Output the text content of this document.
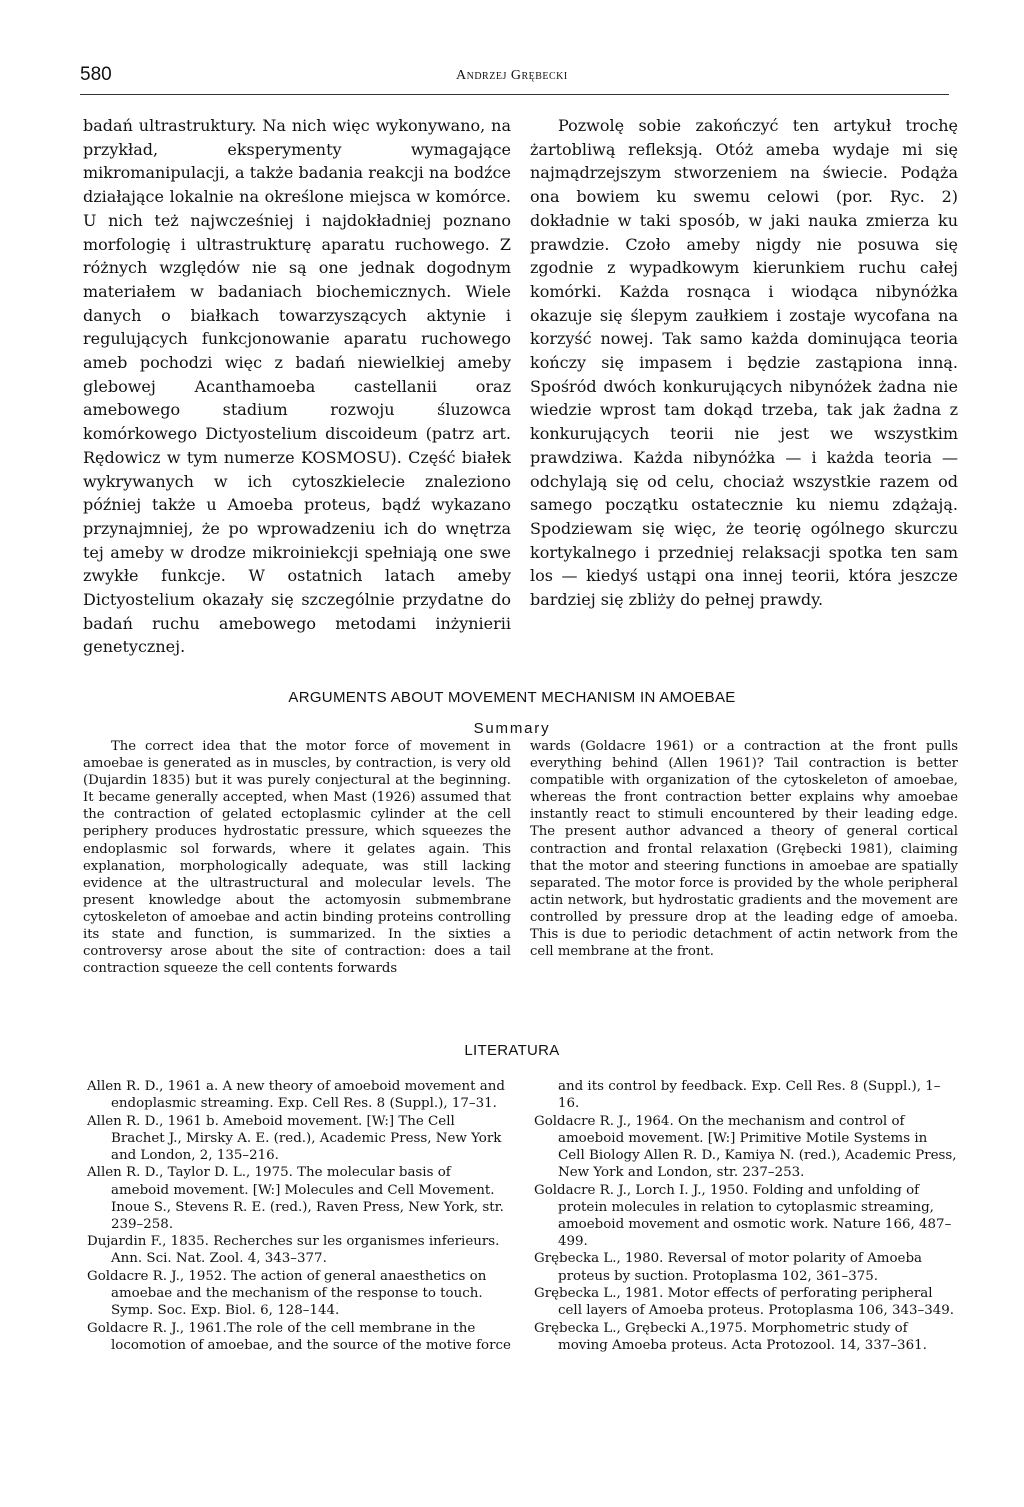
580	Andrzej Grębecki

badań ultrastruktury. Na nich więc wykonywano, na przykład, eksperymenty wymagające mikromanipulacji, a także badania reakcji na bodźce działające lokalnie na określone miejsca w komórce. U nich też najwcześniej i najdokładniej poznano morfologię i ultrastrukturę aparatu ruchowego. Z różnych względów nie są one jednak dogodnym materiałem w badaniach biochemicznych. Wiele danych o białkach towarzyszących aktynie i regulujących funkcjonowanie aparatu ruchowego ameb pochodzi więc z badań niewielkiej ameby glebowej Acanthamoeba castellanii oraz amebowego stadium rozwoju śluzowca komórkowego Dictyostelium discoideum (patrz art. Rędowicz w tym numerze KOSMOSU). Część białek wykrywanych w ich cytoszkielecie znaleziono później także u Amoeba proteus, bądź wykazano przynajmniej, że po wprowadzeniu ich do wnętrza tej ameby w drodze mikroiniekcji spełniają one swe zwykłe funkcje. W ostatnich latach ameby Dictyostelium okazały się szczególnie przydatne do badań ruchu amebowego metodami inżynierii genetycznej.

Pozwolę sobie zakończyć ten artykuł trochę żartobliwą refleksją. Otóż ameba wydaje mi się najmądrzejszym stworzeniem na świecie. Podąża ona bowiem ku swemu celowi (por. Ryc. 2) dokładnie w taki sposób, w jaki nauka zmierza ku prawdzie. Czoło ameby nigdy nie posuwa się zgodnie z wypadkowym kierunkiem ruchu całej komórki. Każda rosnąca i wiodąca nibynóżka okazuje się ślepym zaułkiem i zostaje wycofana na korzyść nowej. Tak samo każda dominująca teoria kończy się impasem i będzie zastąpiona inną. Spośród dwóch konkurujących nibynóżek żadna nie wiedzie wprost tam dokąd trzeba, tak jak żadna z konkurujących teorii nie jest we wszystkim prawdziwa. Każda nibynóżka — i każda teoria — odchylają się od celu, chociaż wszystkie razem od samego początku ostatecznie ku niemu zdążają. Spodziewam się więc, że teorię ogólnego skurczu kortykalnego i przedniej relaksacji spotka ten sam los — kiedyś ustąpi ona innej teorii, która jeszcze bardziej się zbliży do pełnej prawdy.

ARGUMENTS ABOUT MOVEMENT MECHANISM IN AMOEBAE
Summary

The correct idea that the motor force of movement in amoebae is generated as in muscles, by contraction, is very old (Dujardin 1835) but it was purely conjectural at the beginning. It became generally accepted, when Mast (1926) assumed that the contraction of gelated ectoplasmic cylinder at the cell periphery produces hydrostatic pressure, which squeezes the endoplasmic sol forwards, where it gelates again. This explanation, morphologically adequate, was still lacking evidence at the ultrastructural and molecular levels. The present knowledge about the actomyosin submembrane cytoskeleton of amoebae and actin binding proteins controlling its state and function, is summarized. In the sixties a controversy arose about the site of contraction: does a tail contraction squeeze the cell contents forwards

wards (Goldacre 1961) or a contraction at the front pulls everything behind (Allen 1961)? Tail contraction is better compatible with organization of the cytoskeleton of amoebae, whereas the front contraction better explains why amoebae instantly react to stimuli encountered by their leading edge. The present author advanced a theory of general cortical contraction and frontal relaxation (Grębecki 1981), claiming that the motor and steering functions in amoebae are spatially separated. The motor force is provided by the whole peripheral actin network, but hydrostatic gradients and the movement are controlled by pressure drop at the leading edge of amoeba. This is due to periodic detachment of actin network from the cell membrane at the front.

LITERATURA

Allen R. D., 1961 a. A new theory of amoeboid movement and endoplasmic streaming. Exp. Cell Res. 8 (Suppl.), 17–31.

Allen R. D., 1961 b. Ameboid movement. [W:] The Cell Brachet J., Mirsky A. E. (red.), Academic Press, New York and London, 2, 135–216.

Allen R. D., Taylor D. L., 1975. The molecular basis of ameboid movement. [W:] Molecules and Cell Movement. Inoue S., Stevens R. E. (red.), Raven Press, New York, str. 239–258.

Dujardin F., 1835. Recherches sur les organismes inferieurs. Ann. Sci. Nat. Zool. 4, 343–377.

Goldacre R. J., 1952. The action of general anaesthetics on amoebae and the mechanism of the response to touch. Symp. Soc. Exp. Biol. 6, 128–144.

Goldacre R. J., 1961.The role of the cell membrane in the locomotion of amoebae, and the source of the motive force

and its control by feedback. Exp. Cell Res. 8 (Suppl.), 1–16.

Goldacre R. J., 1964. On the mechanism and control of amoeboid movement. [W:] Primitive Motile Systems in Cell Biology Allen R. D., Kamiya N. (red.), Academic Press, New York and London, str. 237–253.

Goldacre R. J., Lorch I. J., 1950. Folding and unfolding of protein molecules in relation to cytoplasmic streaming, amoeboid movement and osmotic work. Nature 166, 487–499.

Grębecka L., 1980. Reversal of motor polarity of Amoeba proteus by suction. Protoplasma 102, 361–375.

Grębecka L., 1981. Motor effects of perforating peripheral cell layers of Amoeba proteus. Protoplasma 106, 343–349.

Grębecka L., Grębecki A.,1975. Morphometric study of moving Amoeba proteus. Acta Protozool. 14, 337–361.
